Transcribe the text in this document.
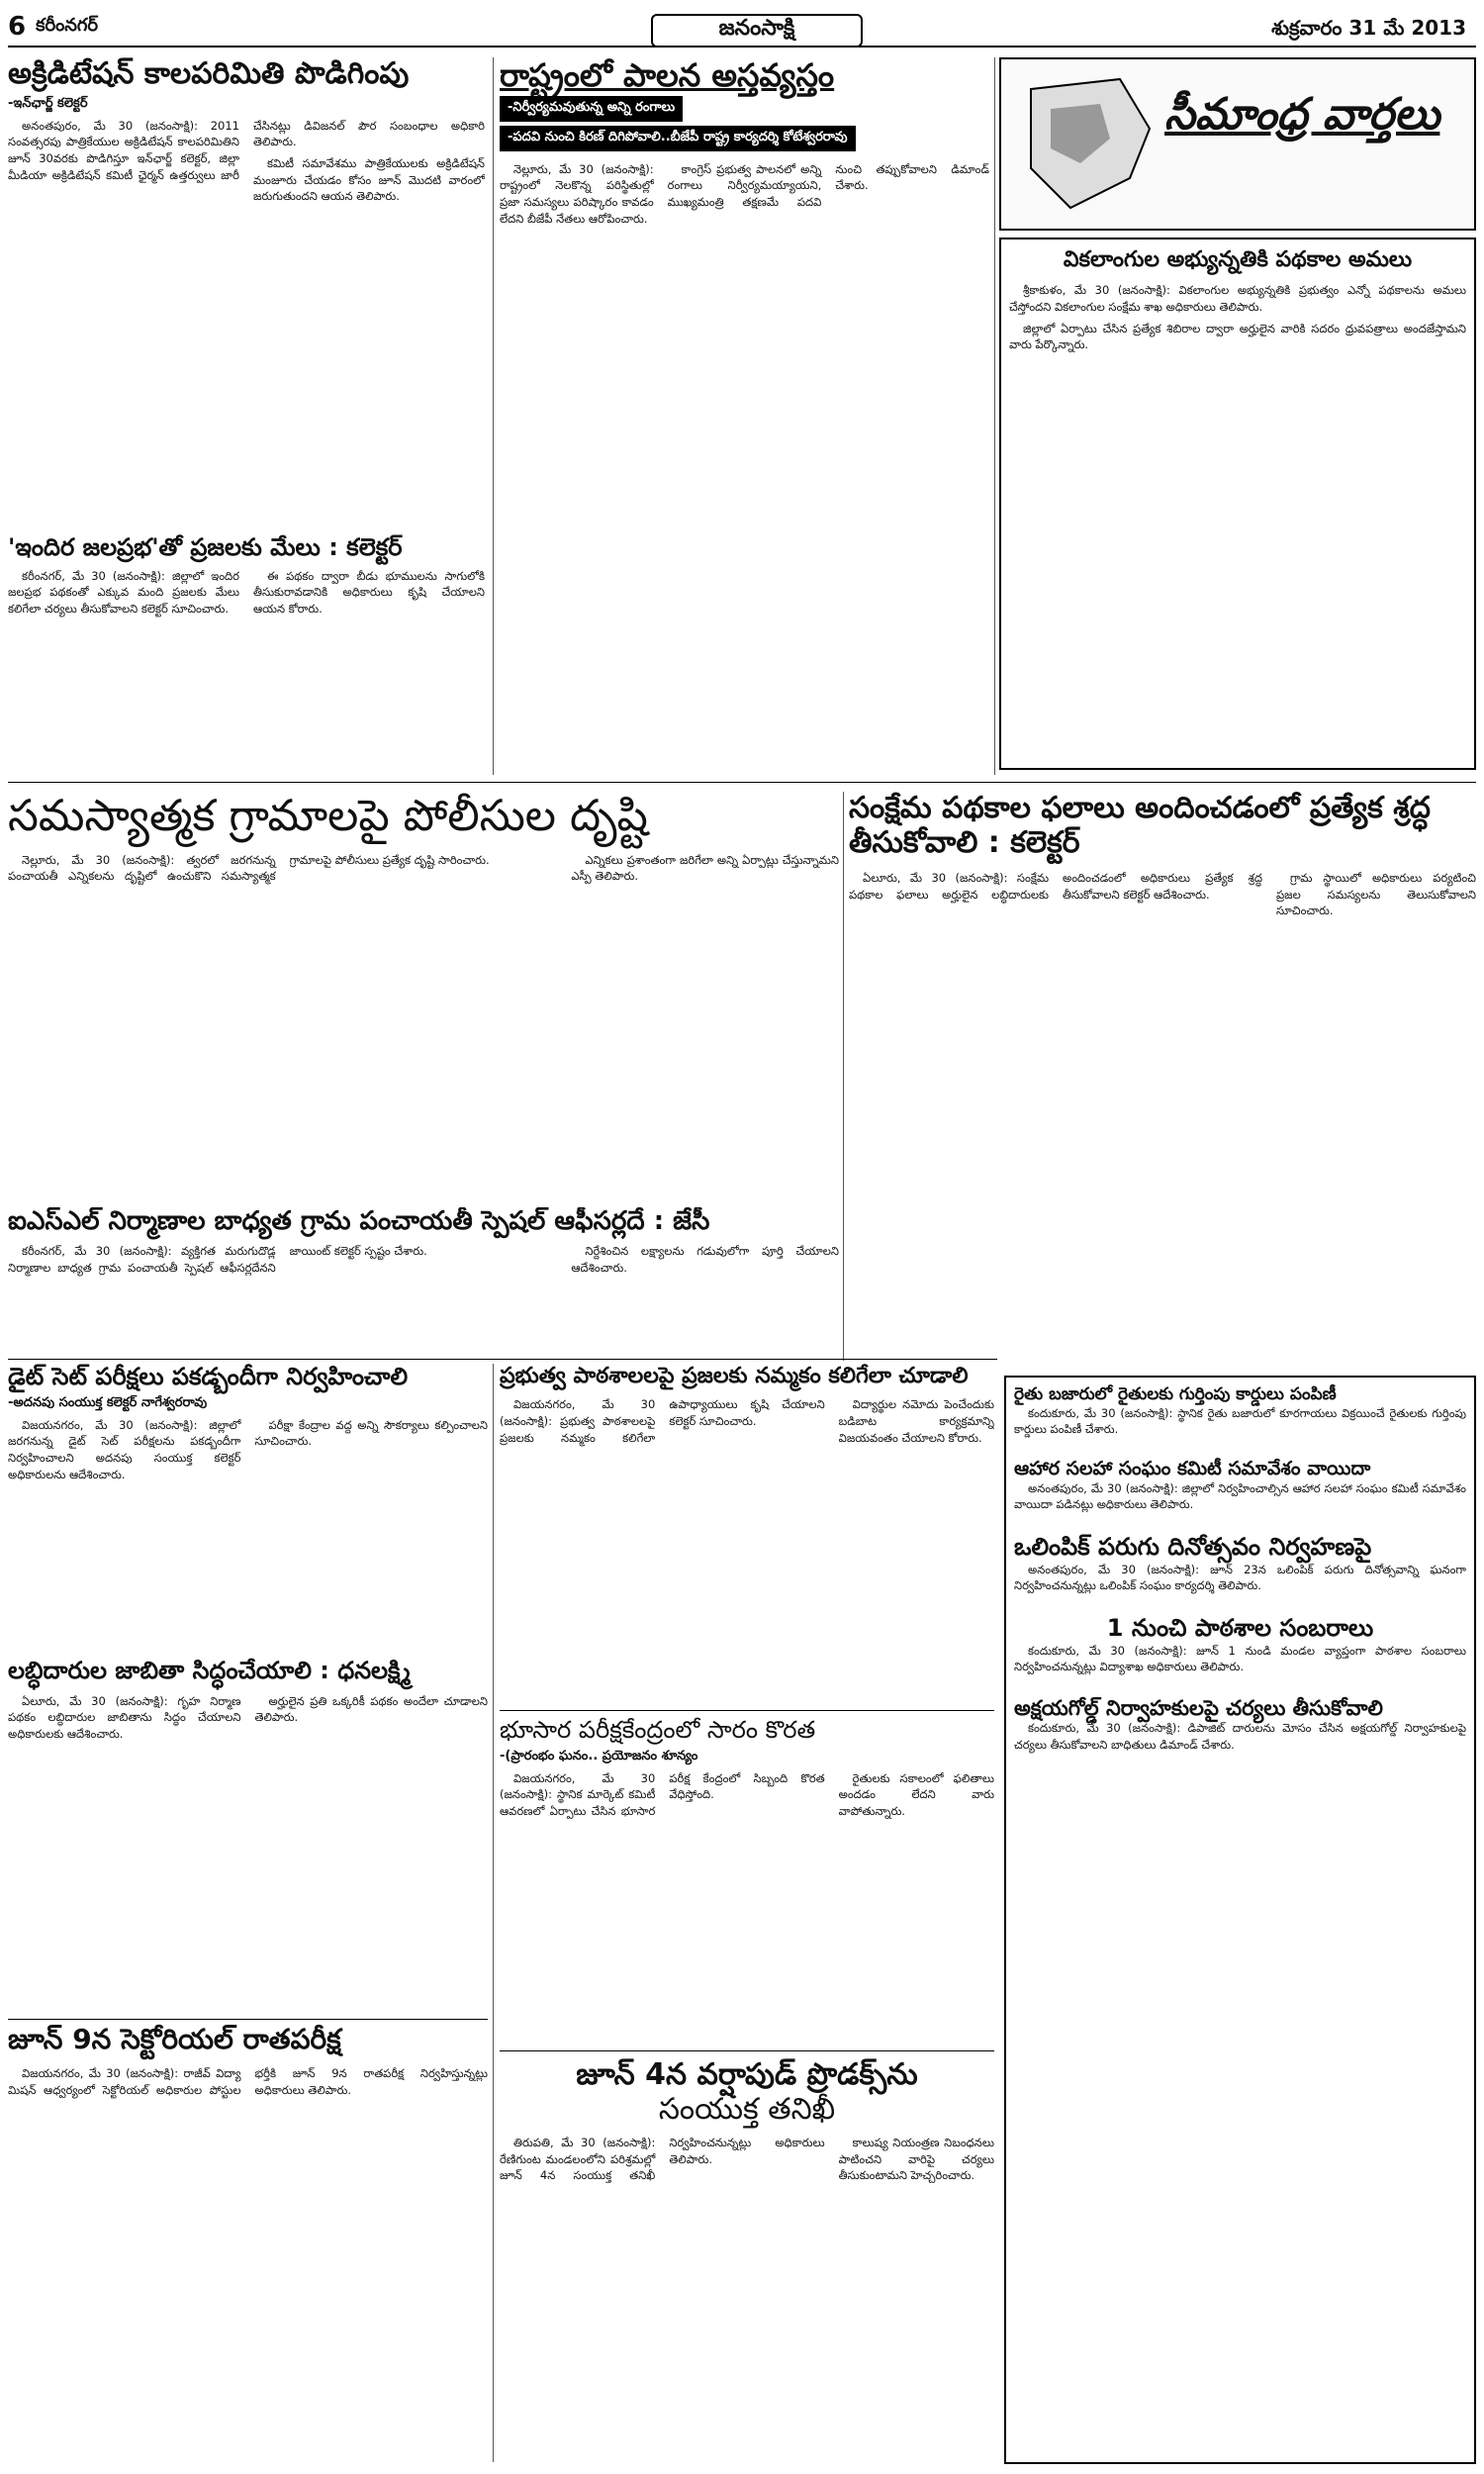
6 కరీంనగర్	జనంసాక్షి	శుక్రవారం 31 మే 2013
అక్రిడిటేషన్ కాలపరిమితి పొడిగింపు
-ఇన్‌ఛార్జ్ కలెక్టర్

అనంతపురం, మే 30 (జనంసాక్షి): 2011 సంవత్సరపు పాత్రికేయుల అక్రిడిటేషన్ కాలపరిమితిని జూన్ 30వరకు పొడిగిస్తూ ఇన్‌ఛార్జ్ కలెక్టర్, జిల్లా మీడియా అక్రిడిటేషన్ కమిటీ ఛైర్మన్ ఉత్తర్వులు జారీ చేసినట్లు డివిజనల్ పౌర సంబంధాల అధికారి తెలిపారు.

కమిటీ సమావేశము పాత్రికేయులకు అక్రిడిటేషన్ మంజూరు చేయడం కోసం జూన్ మొదటి వారంలో జరుగుతుందని ఆయన తెలిపారు.

'ఇందిర జలప్రభ'తో ప్రజలకు మేలు : కలెక్టర్

కరీంనగర్, మే 30 (జనంసాక్షి): జిల్లాలో ఇందిర జలప్రభ పథకంతో ఎక్కువ మంది ప్రజలకు మేలు కలిగేలా చర్యలు తీసుకోవాలని కలెక్టర్ సూచించారు.

ఈ పథకం ద్వారా బీడు భూములను సాగులోకి తీసుకురావడానికి అధికారులు కృషి చేయాలని ఆయన కోరారు.

రాష్ట్రంలో పాలన అస్తవ్యస్తం
-నిర్వీర్యమవుతున్న అన్ని రంగాలు
-పదవి నుంచి కిరణ్ దిగిపోవాలి..బీజేపీ రాష్ట్ర కార్యదర్శి కోటేశ్వరరావు

నెల్లూరు, మే 30 (జనంసాక్షి): రాష్ట్రంలో నెలకొన్న పరిస్థితుల్లో ప్రజా సమస్యలు పరిష్కారం కావడం లేదని బీజేపీ నేతలు ఆరోపించారు.

కాంగ్రెస్ ప్రభుత్వ పాలనలో అన్ని రంగాలు నిర్వీర్యమయ్యాయని, ముఖ్యమంత్రి తక్షణమే పదవి నుంచి తప్పుకోవాలని డిమాండ్ చేశారు.

సీమాంధ్ర వార్తలు
వికలాంగుల అభ్యున్నతికి పథకాల అమలు

శ్రీకాకుళం, మే 30 (జనంసాక్షి): వికలాంగుల అభ్యున్నతికి ప్రభుత్వం ఎన్నో పథకాలను అమలు చేస్తోందని వికలాంగుల సంక్షేమ శాఖ అధికారులు తెలిపారు.

జిల్లాలో ఏర్పాటు చేసిన ప్రత్యేక శిబిరాల ద్వారా అర్హులైన వారికి సదరం ధ్రువపత్రాలు అందజేస్తామని వారు పేర్కొన్నారు.

సమస్యాత్మక గ్రామాలపై పోలీసుల దృష్టి

నెల్లూరు, మే 30 (జనంసాక్షి): త్వరలో జరగనున్న పంచాయతీ ఎన్నికలను దృష్టిలో ఉంచుకొని సమస్యాత్మక గ్రామాలపై పోలీసులు ప్రత్యేక దృష్టి సారించారు.	ఎన్నికలు ప్రశాంతంగా జరిగేలా అన్ని ఏర్పాట్లు చేస్తున్నామని ఎస్పీ తెలిపారు.

సంక్షేమ పథకాల ఫలాలు అందించడంలో ప్రత్యేక శ్రద్ధ తీసుకోవాలి : కలెక్టర్

ఏలూరు, మే 30 (జనంసాక్షి): సంక్షేమ పథకాల ఫలాలు అర్హులైన లబ్ధిదారులకు అందించడంలో అధికారులు ప్రత్యేక శ్రద్ధ తీసుకోవాలని కలెక్టర్ ఆదేశించారు.

గ్రామ స్థాయిలో అధికారులు పర్యటించి ప్రజల సమస్యలను తెలుసుకోవాలని సూచించారు.

ఐఎస్ఎల్ నిర్మాణాల బాధ్యత గ్రామ పంచాయతీ స్పెషల్ ఆఫీసర్లదే : జేసీ

కరీంనగర్, మే 30 (జనంసాక్షి): వ్యక్తిగత మరుగుదొడ్ల నిర్మాణాల బాధ్యత గ్రామ పంచాయతీ స్పెషల్ ఆఫీసర్లదేనని జాయింట్ కలెక్టర్ స్పష్టం చేశారు.	నిర్దేశించిన లక్ష్యాలను గడువులోగా పూర్తి చేయాలని ఆదేశించారు.

ప్రభుత్వ పాఠశాలలపై ప్రజలకు నమ్మకం కలిగేలా చూడాలి

విజయనగరం, మే 30 (జనంసాక్షి): ప్రభుత్వ పాఠశాలలపై ప్రజలకు నమ్మకం కలిగేలా ఉపాధ్యాయులు కృషి చేయాలని కలెక్టర్ సూచించారు.

విద్యార్థుల నమోదు పెంచేందుకు బడిబాట కార్యక్రమాన్ని విజయవంతం చేయాలని కోరారు.

డైట్ సెట్ పరీక్షలు పకడ్బందీగా నిర్వహించాలి
-అదనపు సంయుక్త కలెక్టర్ నాగేశ్వరరావు

విజయనగరం, మే 30 (జనంసాక్షి): జిల్లాలో జరగనున్న డైట్ సెట్ పరీక్షలను పకడ్బందీగా నిర్వహించాలని అదనపు సంయుక్త కలెక్టర్ అధికారులను ఆదేశించారు.

పరీక్షా కేంద్రాల వద్ద అన్ని సౌకర్యాలు కల్పించాలని సూచించారు.

లబ్ధిదారుల జాబితా సిద్ధంచేయాలి : ధనలక్ష్మి

ఏలూరు, మే 30 (జనంసాక్షి): గృహ నిర్మాణ పథకం లబ్ధిదారుల జాబితాను సిద్ధం చేయాలని అధికారులకు ఆదేశించారు.

అర్హులైన ప్రతి ఒక్కరికీ పథకం అందేలా చూడాలని తెలిపారు.	భూసార పరీక్షకేంద్రంలో సారం కొరత
-(ప్రారంభం ఘనం.. ప్రయోజనం శూన్యం

విజయనగరం, మే 30 (జనంసాక్షి): స్థానిక మార్కెట్ కమిటీ ఆవరణలో ఏర్పాటు చేసిన భూసార పరీక్ష కేంద్రంలో సిబ్బంది కొరత వేధిస్తోంది.

రైతులకు సకాలంలో ఫలితాలు అందడం లేదని వారు వాపోతున్నారు.

జూన్ 9న సెక్టోరియల్ రాతపరీక్ష

విజయనగరం, మే 30 (జనంసాక్షి): రాజీవ్ విద్యా మిషన్ ఆధ్వర్యంలో సెక్టోరియల్ అధికారుల పోస్టుల భర్తీకి జూన్ 9న రాతపరీక్ష నిర్వహిస్తున్నట్లు అధికారులు తెలిపారు.	జూన్ 4న వర్షాపుడ్ ప్రొడక్స్‌ను
సంయుక్త తనిఖీ

తిరుపతి, మే 30 (జనంసాక్షి): రేణిగుంట మండలంలోని పరిశ్రమల్లో జూన్ 4న సంయుక్త తనిఖీ నిర్వహించనున్నట్లు అధికారులు తెలిపారు.

కాలుష్య నియంత్రణ నిబంధనలు పాటించని వారిపై చర్యలు తీసుకుంటామని హెచ్చరించారు.

రైతు బజారులో రైతులకు గుర్తింపు కార్డులు పంపిణీ

కందుకూరు, మే 30 (జనంసాక్షి): స్థానిక రైతు బజారులో కూరగాయలు విక్రయించే రైతులకు గుర్తింపు కార్డులు పంపిణీ చేశారు.

ఆహార సలహా సంఘం కమిటీ సమావేశం వాయిదా

అనంతపురం, మే 30 (జనంసాక్షి): జిల్లాలో నిర్వహించాల్సిన ఆహార సలహా సంఘం కమిటీ సమావేశం వాయిదా పడినట్లు అధికారులు తెలిపారు.

ఒలింపిక్ పరుగు దినోత్సవం నిర్వహణపై

అనంతపురం, మే 30 (జనంసాక్షి): జూన్ 23న ఒలింపిక్ పరుగు దినోత్సవాన్ని ఘనంగా నిర్వహించనున్నట్లు ఒలింపిక్ సంఘం కార్యదర్శి తెలిపారు.

1 నుంచి పాఠశాల సంబరాలు

కందుకూరు, మే 30 (జనంసాక్షి): జూన్ 1 నుండి మండల వ్యాప్తంగా పాఠశాల సంబరాలు నిర్వహించనున్నట్లు విద్యాశాఖ అధికారులు తెలిపారు.

అక్షయగోల్డ్ నిర్వాహకులపై చర్యలు తీసుకోవాలి

కందుకూరు, మే 30 (జనంసాక్షి): డిపాజిట్ దారులను మోసం చేసిన అక్షయగోల్డ్ నిర్వాహకులపై చర్యలు తీసుకోవాలని బాధితులు డిమాండ్ చేశారు.
